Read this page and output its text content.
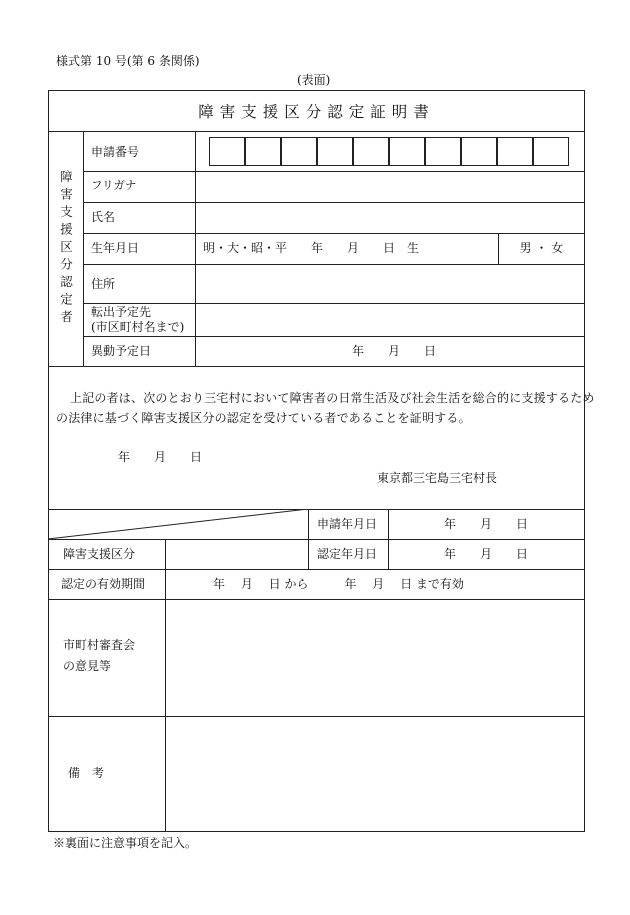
様式第 10 号(第 6 条関係)
(表面)
障害支援区分認定証明書
障害支援区分認定者
申請番号
フリガナ
氏名
生年月日	明・大・昭・平　　年　　月　　日　生	男 ・ 女
住所
転出予定先
(市区町村名まで)
異動予定日	年　　月　　日
上記の者は、次のとおり三宅村において障害者の日常生活及び社会生活を総合的に支援するため
の法律に基づく障害支援区分の認定を受けている者であることを証明する。
年　　月　　日
東京都三宅島三宅村長
申請年月日	年　　月　　日
障害支援区分	認定年月日	年　　月　　日
認定の有効期間	年　 月　 日 から　　　年　 月　 日 まで有効
市町村審査会
の意見等
備　考
※裏面に注意事項を記入。
